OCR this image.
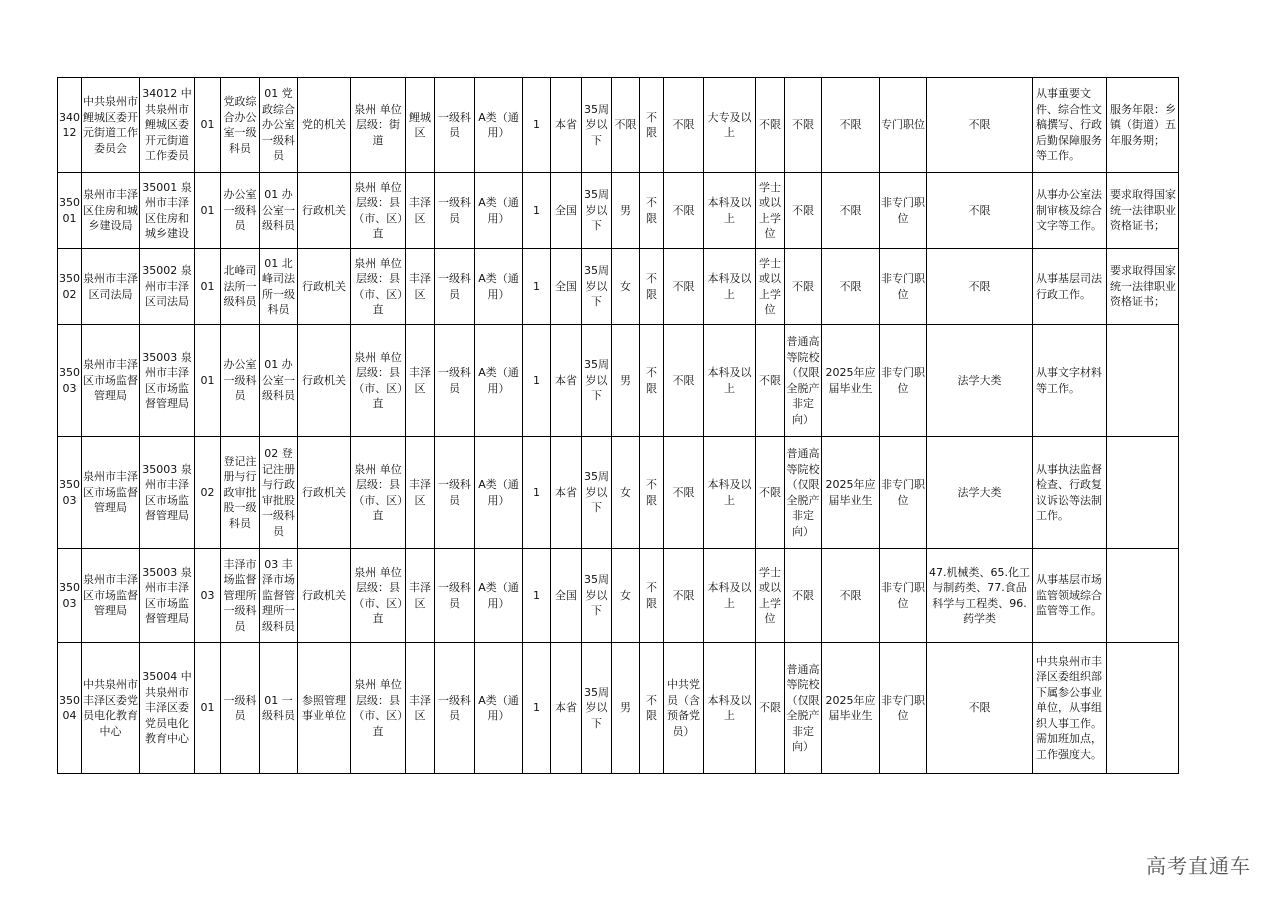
34012	中共泉州市鲤城区委开元街道工作委员会	34012 中共泉州市鲤城区委开元街道工作委员	01	党政综合办公室一级科员	01 党政综合办公室一级科员	党的机关	泉州 单位层级：街道	鲤城区	一级科员	A类（通用）	1	本省	35周岁以下	不限	不限	不限	大专及以上	不限	不限	不限	专门职位	不限	从事重要文件、综合性文稿撰写、行政后勤保障服务等工作。	服务年限：乡镇（街道）五年服务期；
35001	泉州市丰泽区住房和城乡建设局	35001 泉州市丰泽区住房和城乡建设	01	办公室一级科员	01 办公室一级科员	行政机关	泉州 单位层级：县（市、区）直	丰泽区	一级科员	A类（通用）	1	全国	35周岁以下	男	不限	不限	本科及以上	学士或以上学位	不限	不限	非专门职位	不限	从事办公室法制审核及综合文字等工作。	要求取得国家统一法律职业资格证书；
35002	泉州市丰泽区司法局	35002 泉州市丰泽区司法局	01	北峰司法所一级科员	01 北峰司法所一级科员	行政机关	泉州 单位层级：县（市、区）直	丰泽区	一级科员	A类（通用）	1	全国	35周岁以下	女	不限	不限	本科及以上	学士或以上学位	不限	不限	非专门职位	不限	从事基层司法行政工作。	要求取得国家统一法律职业资格证书；
35003	泉州市丰泽区市场监督管理局	35003 泉州市丰泽区市场监督管理局	01	办公室一级科员	01 办公室一级科员	行政机关	泉州 单位层级：县（市、区）直	丰泽区	一级科员	A类（通用）	1	本省	35周岁以下	男	不限	不限	本科及以上	不限	普通高等院校（仅限全脱产非定向）	2025年应届毕业生	非专门职位	法学大类	从事文字材料等工作。	
35003	泉州市丰泽区市场监督管理局	35003 泉州市丰泽区市场监督管理局	02	登记注册与行政审批股一级科员	02 登记注册与行政审批股一级科员	行政机关	泉州 单位层级：县（市、区）直	丰泽区	一级科员	A类（通用）	1	本省	35周岁以下	女	不限	不限	本科及以上	不限	普通高等院校（仅限全脱产非定向）	2025年应届毕业生	非专门职位	法学大类	从事执法监督检查、行政复议诉讼等法制工作。	
35003	泉州市丰泽区市场监督管理局	35003 泉州市丰泽区市场监督管理局	03	丰泽市场监督管理所一级科员	03 丰泽市场监督管理所一级科员	行政机关	泉州 单位层级：县（市、区）直	丰泽区	一级科员	A类（通用）	1	全国	35周岁以下	女	不限	不限	本科及以上	学士或以上学位	不限	不限	非专门职位	47.机械类、65.化工与制药类、77.食品科学与工程类、96.药学类	从事基层市场监管领域综合监管等工作。	
35004	中共泉州市丰泽区委党员电化教育中心	35004 中共泉州市丰泽区委党员电化教育中心	01	一级科员	01 一级科员	参照管理事业单位	泉州 单位层级：县（市、区）直	丰泽区	一级科员	A类（通用）	1	本省	35周岁以下	男	不限	中共党员（含预备党员）	本科及以上	不限	普通高等院校（仅限全脱产非定向）	2025年应届毕业生	非专门职位	不限	中共泉州市丰泽区委组织部下属参公事业单位，从事组织人事工作。需加班加点，工作强度大。	
高考直通车
